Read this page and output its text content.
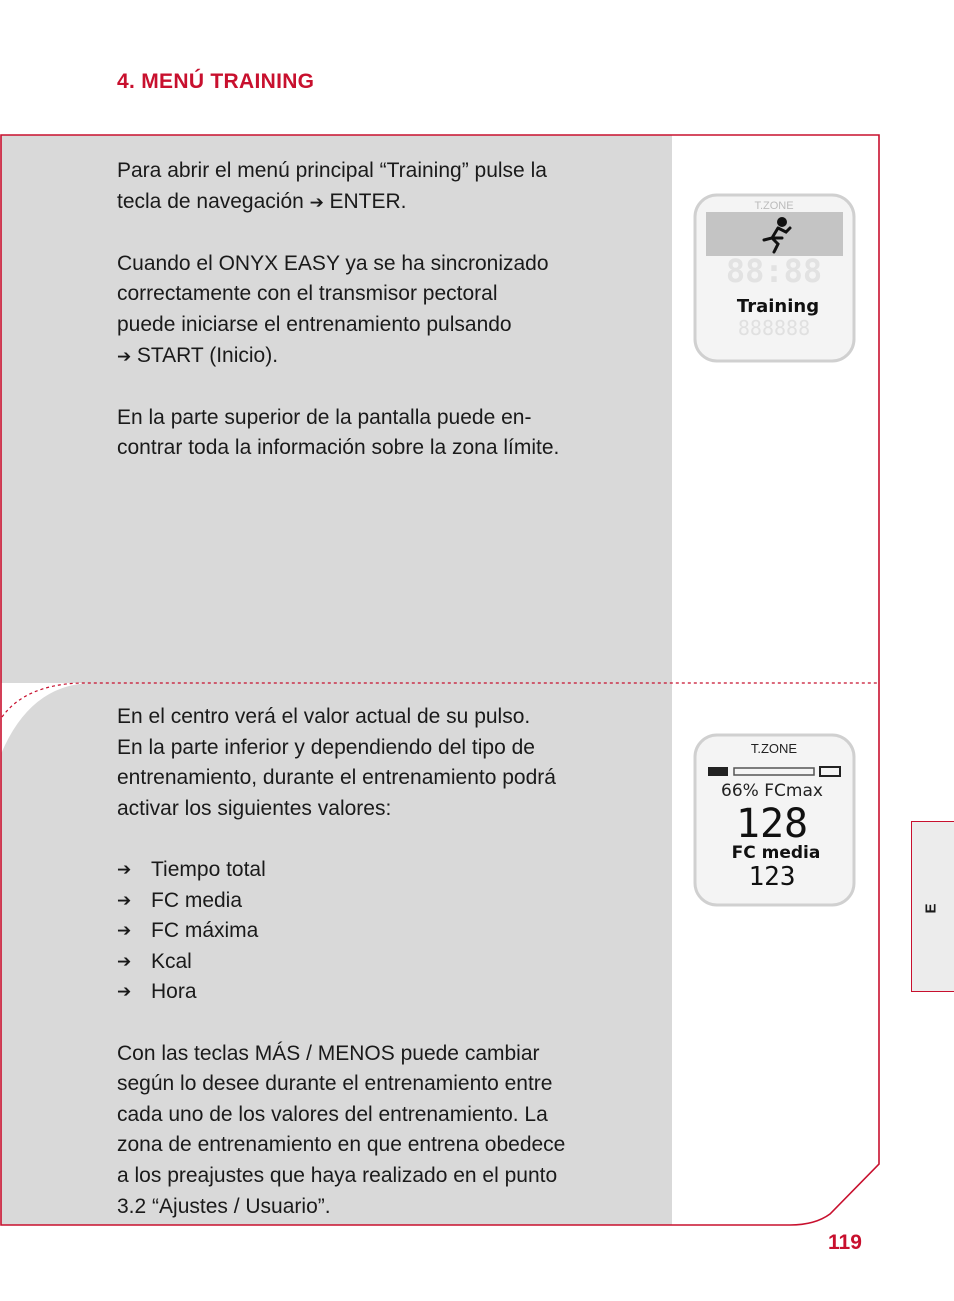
4. MENÚ TRAINING

Para abrir el menú principal “Training” pulse la
tecla de navegación ➔ ENTER.

Cuando el ONYX EASY ya se ha sincronizado
correctamente con el transmisor pectoral
puede iniciarse el entrenamiento pulsando
➔ START (Inicio).

En la parte superior de la pantalla puede en-
contrar toda la información sobre la zona límite.

En el centro verá el valor actual de su pulso.
En la parte inferior y dependiendo del tipo de
entrenamiento, durante el entrenamiento podrá
activar los siguientes valores:

➔ Tiempo total
➔ FC media
➔ FC máxima
➔ Kcal
➔ Hora

Con las teclas MÁS / MENOS puede cambiar
según lo desee durante el entrenamiento entre
cada uno de los valores del entrenamiento. La
zona de entrenamiento en que entrena obedece
a los preajustes que haya realizado en el punto
3.2 “Ajustes / Usuario”.

T.ZONE
88:88
Training
888888
T.ZONE
66% FCmax
128
FC media
123
E
119
